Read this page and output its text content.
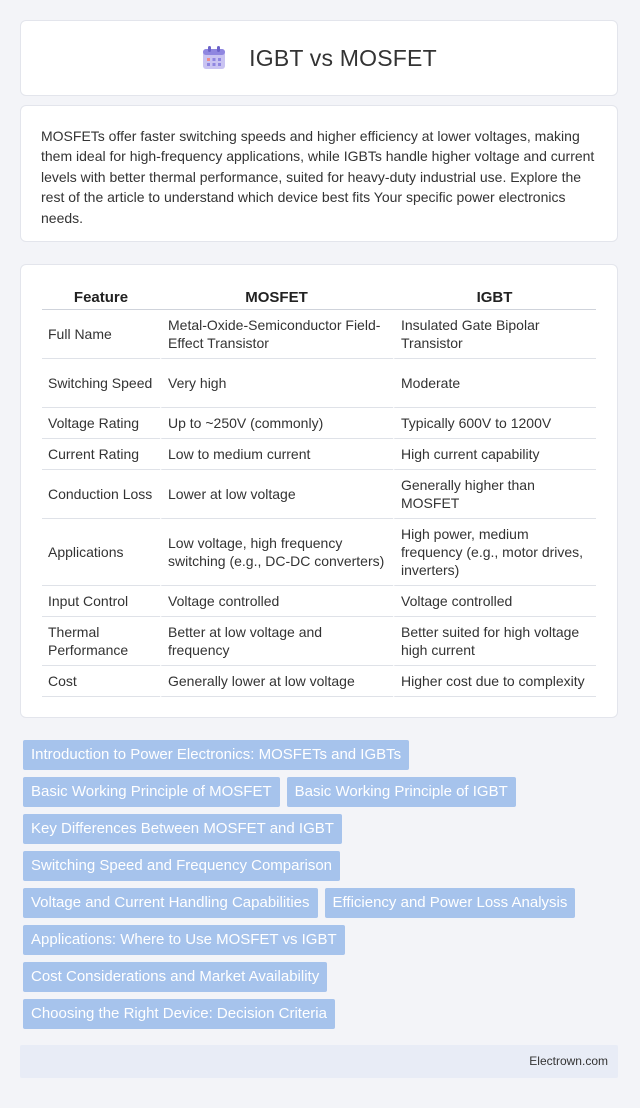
IGBT vs MOSFET

MOSFETs offer faster switching speeds and higher efficiency at lower voltages, making them ideal for high-frequency applications, while IGBTs handle higher voltage and current levels with better thermal performance, suited for heavy-duty industrial use. Explore the rest of the article to understand which device best fits Your specific power electronics needs.

Feature	MOSFET	IGBT
Full Name	Metal-Oxide-Semiconductor Field-Effect Transistor	Insulated Gate Bipolar Transistor
Switching Speed	Very high	Moderate
Voltage Rating	Up to ~250V (commonly)	Typically 600V to 1200V
Current Rating	Low to medium current	High current capability
Conduction Loss	Lower at low voltage	Generally higher than MOSFET
Applications	Low voltage, high frequency switching (e.g., DC-DC converters)	High power, medium frequency (e.g., motor drives, inverters)
Input Control	Voltage controlled	Voltage controlled
Thermal Performance	Better at low voltage and frequency	Better suited for high voltage high current
Cost	Generally lower at low voltage	Higher cost due to complexity
Introduction to Power Electronics: MOSFETs and IGBTs
Basic Working Principle of MOSFET	Basic Working Principle of IGBT
Key Differences Between MOSFET and IGBT
Switching Speed and Frequency Comparison
Voltage and Current Handling Capabilities	Efficiency and Power Loss Analysis
Applications: Where to Use MOSFET vs IGBT
Cost Considerations and Market Availability
Choosing the Right Device: Decision Criteria
Electrown.com
